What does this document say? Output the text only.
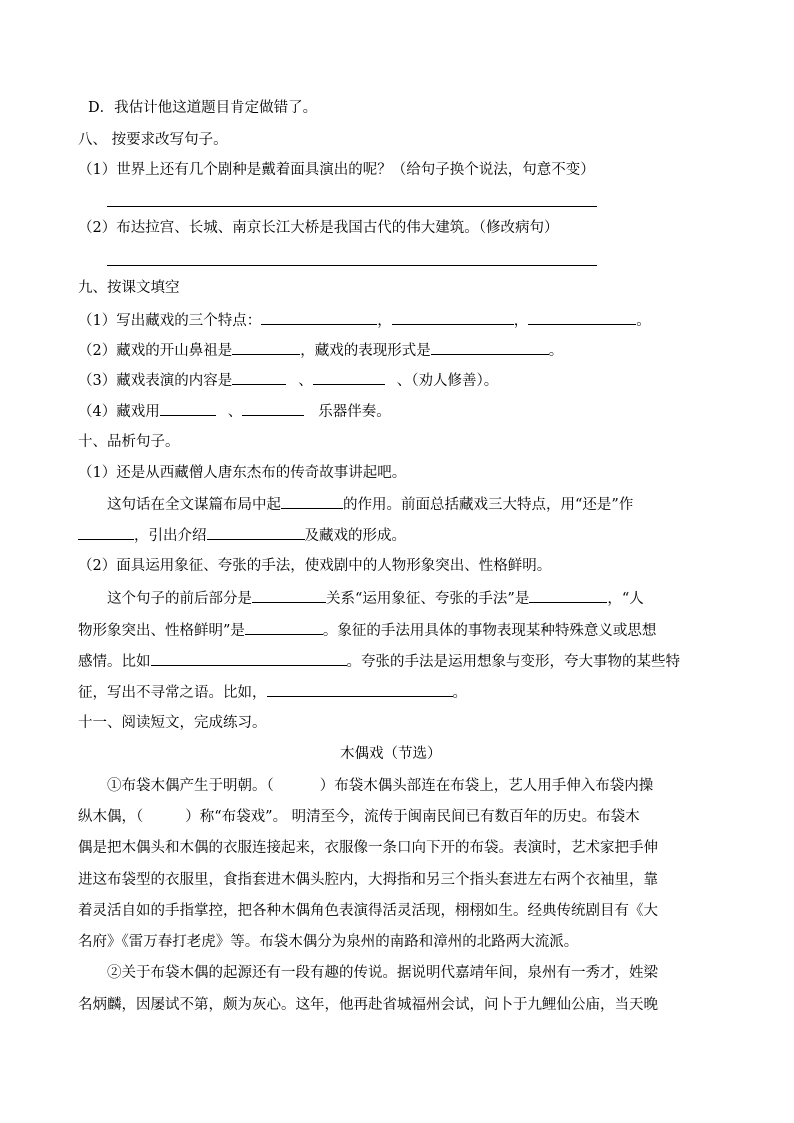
D．我估计他这道题目肯定做错了。
八、 按要求改写句子。
（1）世界上还有几个剧种是戴着面具演出的呢？（给句子换个说法，句意不变）
（2）布达拉宫、长城、南京长江大桥是我国古代的伟大建筑。（修改病句）
九、按课文填空
（1）写出藏戏的三个特点：	，	，	。
（2）藏戏的开山鼻祖是	，藏戏的表现形式是	。
（3）藏戏表演的内容是	、	、（劝人修善）。
（4）藏戏用	、	乐器伴奏。
十、品析句子。
（1）还是从西藏僧人唐东杰布的传奇故事讲起吧。
这句话在全文谋篇布局中起	的作用。前面总括藏戏三大特点，用“还是”作
，引出介绍	及藏戏的形成。
（2）面具运用象征、夸张的手法，使戏剧中的人物形象突出、性格鲜明。
这个句子的前后部分是	关系“运用象征、夸张的手法”是	，“人
物形象突出、性格鲜明”是	。象征的手法用具体的事物表现某种特殊意义或思想
感情。比如	。夸张的手法是运用想象与变形，夸大事物的某些特
征，写出不寻常之语。比如，	。
十一、阅读短文，完成练习。
木偶戏（节选）
①布袋木偶产生于明朝。（	）布袋木偶头部连在布袋上，艺人用手伸入布袋内操
纵木偶，（	）称“布袋戏”。 明清至今，流传于闽南民间已有数百年的历史。布袋木
偶是把木偶头和木偶的衣服连接起来，衣服像一条口向下开的布袋。表演时，艺术家把手伸
进这布袋型的衣服里，食指套进木偶头腔内，大拇指和另三个指头套进左右两个衣袖里，靠
着灵活自如的手指掌控，把各种木偶角色表演得活灵活现，栩栩如生。经典传统剧目有《大
名府》《雷万春打老虎》等。布袋木偶分为泉州的南路和漳州的北路两大流派。
②关于布袋木偶的起源还有一段有趣的传说。据说明代嘉靖年间，泉州有一秀才，姓梁
名炳麟，因屡试不第，颇为灰心。这年，他再赴省城福州会试，问卜于九鲤仙公庙，当天晚
